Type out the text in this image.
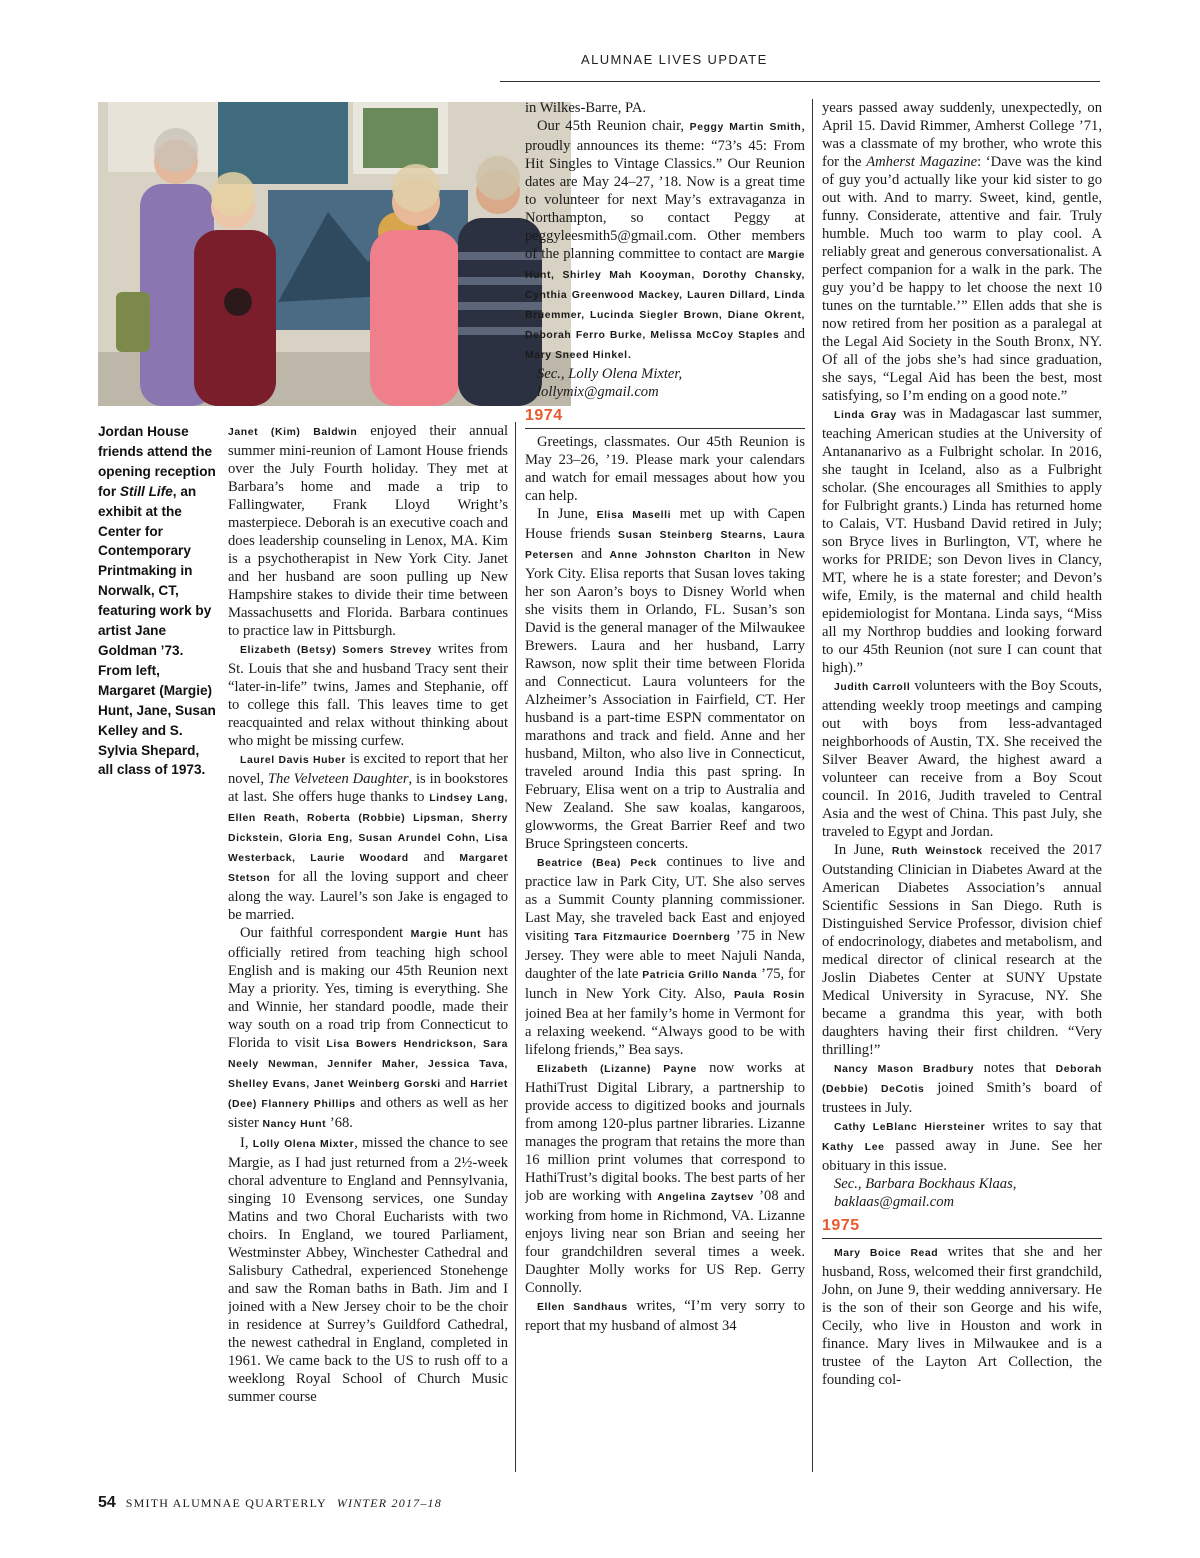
ALUMNAE LIVES UPDATE
Jordan House friends attend the opening reception for Still Life, an exhibit at the Center for Contemporary Printmaking in Norwalk, CT, featuring work by artist Jane Goldman ’73. From left, Margaret (Margie) Hunt, Jane, Susan Kelley and S. Sylvia Shepard, all class of 1973.

Janet (Kim) Baldwin enjoyed their annual summer mini-reunion of Lamont House friends over the July Fourth holiday. They met at Barbara’s home and made a trip to Fallingwater, Frank Lloyd Wright’s masterpiece. Deborah is an executive coach and does leadership counseling in Lenox, MA. Kim is a psychotherapist in New York City. Janet and her husband are soon pulling up New Hampshire stakes to divide their time between Massachusetts and Florida. Barbara continues to practice law in Pittsburgh.

Elizabeth (Betsy) Somers Strevey writes from St. Louis that she and husband Tracy sent their “later-in-life” twins, James and Stephanie, off to college this fall. This leaves time to get reacquainted and relax without thinking about who might be missing curfew.

Laurel Davis Huber is excited to report that her novel, The Velveteen Daughter, is in bookstores at last. She offers huge thanks to Lindsey Lang, Ellen Reath, Roberta (Robbie) Lipsman, Sherry Dickstein, Gloria Eng, Susan Arundel Cohn, Lisa Westerback, Laurie Woodard and Margaret Stetson for all the loving support and cheer along the way. Laurel’s son Jake is engaged to be married.

Our faithful correspondent Margie Hunt has officially retired from teaching high school English and is making our 45th Reunion next May a priority. Yes, timing is everything. She and Winnie, her standard poodle, made their way south on a road trip from Connecticut to Florida to visit Lisa Bowers Hendrickson, Sara Neely Newman, Jennifer Maher, Jessica Tava, Shelley Evans, Janet Weinberg Gorski and Harriet (Dee) Flannery Phillips and others as well as her sister Nancy Hunt ’68.

I, Lolly Olena Mixter, missed the chance to see Margie, as I had just returned from a 2½-week choral adventure to England and Pennsylvania, singing 10 Evensong services, one Sunday Matins and two Choral Eucharists with two choirs. In England, we toured Parliament, Westminster Abbey, Winchester Cathedral and Salisbury Cathedral, experienced Stonehenge and saw the Roman baths in Bath. Jim and I joined with a New Jersey choir to be the choir in residence at Surrey’s Guildford Cathedral, the newest cathedral in England, completed in 1961. We came back to the US to rush off to a weeklong Royal School of Church Music summer course

in Wilkes-Barre, PA.

Our 45th Reunion chair, Peggy Martin Smith, proudly announces its theme: “73’s 45: From Hit Singles to Vintage Classics.” Our Reunion dates are May 24–27, ’18. Now is a great time to volunteer for next May’s extravaganza in Northampton, so contact Peggy at peggyleesmith5@gmail.com. Other members of the planning committee to contact are Margie Hunt, Shirley Mah Kooyman, Dorothy Chansky, Cynthia Greenwood Mackey, Lauren Dillard, Linda Bruemmer, Lucinda Siegler Brown, Diane Okrent, Deborah Ferro Burke, Melissa McCoy Staples and Mary Sneed Hinkel.

Sec., Lolly Olena Mixter,
lollymix@gmail.com

1974

Greetings, classmates. Our 45th Reunion is May 23–26, ’19. Please mark your calendars and watch for email messages about how you can help.

In June, Elisa Maselli met up with Capen House friends Susan Steinberg Stearns, Laura Petersen and Anne Johnston Charlton in New York City. Elisa reports that Susan loves taking her son Aaron’s boys to Disney World when she visits them in Orlando, FL. Susan’s son David is the general manager of the Milwaukee Brewers. Laura and her husband, Larry Rawson, now split their time between Florida and Connecticut. Laura volunteers for the Alzheimer’s Association in Fairfield, CT. Her husband is a part-time ESPN commentator on marathons and track and field. Anne and her husband, Milton, who also live in Connecticut, traveled around India this past spring. In February, Elisa went on a trip to Australia and New Zealand. She saw koalas, kangaroos, glowworms, the Great Barrier Reef and two Bruce Springsteen concerts.

Beatrice (Bea) Peck continues to live and practice law in Park City, UT. She also serves as a Summit County planning commissioner. Last May, she traveled back East and enjoyed visiting Tara Fitzmaurice Doernberg ’75 in New Jersey. They were able to meet Najuli Nanda, daughter of the late Patricia Grillo Nanda ’75, for lunch in New York City. Also, Paula Rosin joined Bea at her family’s home in Vermont for a relaxing weekend. “Always good to be with lifelong friends,” Bea says.

Elizabeth (Lizanne) Payne now works at HathiTrust Digital Library, a partnership to provide access to digitized books and journals from among 120-plus partner libraries. Lizanne manages the program that retains the more than 16 million print volumes that correspond to HathiTrust’s digital books. The best parts of her job are working with Angelina Zaytsev ’08 and working from home in Richmond, VA. Lizanne enjoys living near son Brian and seeing her four grandchildren several times a week. Daughter Molly works for US Rep. Gerry Connolly.

Ellen Sandhaus writes, “I’m very sorry to report that my husband of almost 34

years passed away suddenly, unexpectedly, on April 15. David Rimmer, Amherst College ’71, was a classmate of my brother, who wrote this for the Amherst Magazine: ‘Dave was the kind of guy you’d actually like your kid sister to go out with. And to marry. Sweet, kind, gentle, funny. Considerate, attentive and fair. Truly humble. Much too warm to play cool. A reliably great and generous conversationalist. A perfect companion for a walk in the park. The guy you’d be happy to let choose the next 10 tunes on the turntable.’” Ellen adds that she is now retired from her position as a paralegal at the Legal Aid Society in the South Bronx, NY. Of all of the jobs she’s had since graduation, she says, “Legal Aid has been the best, most satisfying, so I’m ending on a good note.”

Linda Gray was in Madagascar last summer, teaching American studies at the University of Antananarivo as a Fulbright scholar. In 2016, she taught in Iceland, also as a Fulbright scholar. (She encourages all Smithies to apply for Fulbright grants.) Linda has returned home to Calais, VT. Husband David retired in July; son Bryce lives in Burlington, VT, where he works for PRIDE; son Devon lives in Clancy, MT, where he is a state forester; and Devon’s wife, Emily, is the maternal and child health epidemiologist for Montana. Linda says, “Miss all my Northrop buddies and looking forward to our 45th Reunion (not sure I can count that high).”

Judith Carroll volunteers with the Boy Scouts, attending weekly troop meetings and camping out with boys from less-advantaged neighborhoods of Austin, TX. She received the Silver Beaver Award, the highest award a volunteer can receive from a Boy Scout council. In 2016, Judith traveled to Central Asia and the west of China. This past July, she traveled to Egypt and Jordan.

In June, Ruth Weinstock received the 2017 Outstanding Clinician in Diabetes Award at the American Diabetes Association’s annual Scientific Sessions in San Diego. Ruth is Distinguished Service Professor, division chief of endocrinology, diabetes and metabolism, and medical director of clinical research at the Joslin Diabetes Center at SUNY Upstate Medical University in Syracuse, NY. She became a grandma this year, with both daughters having their first children. “Very thrilling!”

Nancy Mason Bradbury notes that Deborah (Debbie) DeCotis joined Smith’s board of trustees in July.

Cathy LeBlanc Hiersteiner writes to say that Kathy Lee passed away in June. See her obituary in this issue.

Sec., Barbara Bockhaus Klaas,
baklaas@gmail.com

1975

Mary Boice Read writes that she and her husband, Ross, welcomed their first grandchild, John, on June 9, their wedding anniversary. He is the son of their son George and his wife, Cecily, who live in Houston and work in finance. Mary lives in Milwaukee and is a trustee of the Layton Art Collection, the founding col-

54 SMITH ALUMNAE QUARTERLY WINTER 2017–18
